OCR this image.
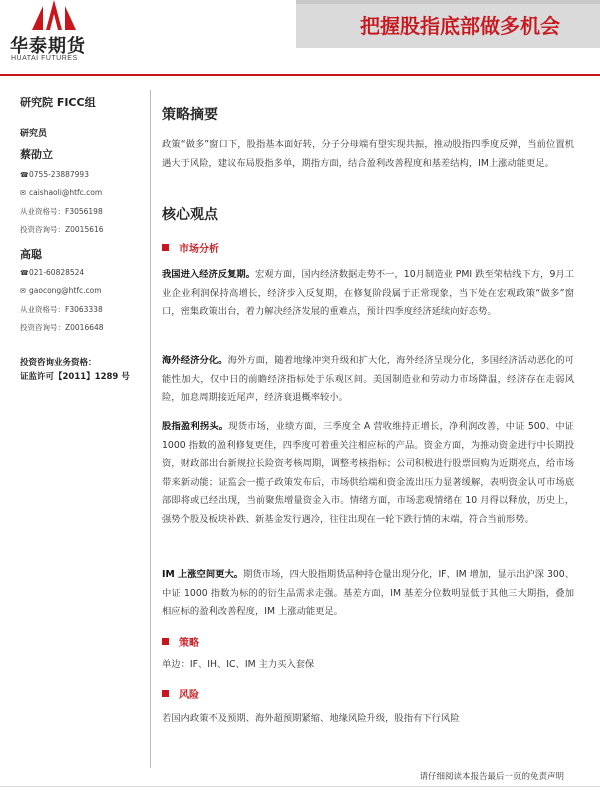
华泰期货
HUATAI FUTURES
把握股指底部做多机会
研究院 FICC组
研究员
蔡劭立
☎0755-23887993
✉ caishaoli@htfc.com
从业资格号：F3056198
投资咨询号：Z0015616
高聪
☎021-60828524
✉ gaocong@htfc.com
从业资格号：F3063338
投资咨询号：Z0016648
投资咨询业务资格：
证监许可【2011】1289 号
策略摘要
政策“做多”窗口下，股指基本面好转，分子分母端有望实现共振，推动股指四季度反弹，当前位置机遇大于风险，建议布局股指多单，期指方面，结合盈利改善程度和基差结构，IM上涨动能更足。
核心观点
市场分析
我国进入经济反复期。宏观方面，国内经济数据走势不一，10月制造业 PMI 跌至荣枯线下方，9月工业企业利润保持高增长，经济步入反复期，在修复阶段属于正常现象，当下处在宏观政策“做多”窗口，密集政策出台，着力解决经济发展的重难点，预计四季度经济延续向好态势。
海外经济分化。海外方面，随着地缘冲突升级和扩大化，海外经济呈现分化，多国经济活动恶化的可能性加大，仅中日的前瞻经济指标处于乐观区间。美国制造业和劳动力市场降温，经济存在走弱风险，加息周期接近尾声，经济衰退概率较小。
股指盈利拐头。现货市场，业绩方面，三季度全 A 营收维持正增长，净利润改善，中证 500、中证 1000 指数的盈利修复更佳，四季度可着重关注相应标的产品。资金方面，为推动资金进行中长期投资，财政部出台新规拉长险资考核周期，调整考核指标；公司积极进行股票回购为近期亮点，给市场带来新动能；证监会一揽子政策发布后，市场供给端和资金流出压力显著缓解，表明资金认可市场底部即将或已经出现，当前聚焦增量资金入市。情绪方面，市场悲观情绪在 10 月得以释放，历史上，强势个股及板块补跌、新基金发行遇冷，往往出现在一轮下跌行情的末端，符合当前形势。
IM 上涨空间更大。期货市场，四大股指期货品种持仓量出现分化，IF、IM 增加，显示出沪深 300、中证 1000 指数为标的的衍生品需求走强。基差方面，IM 基差分位数明显低于其他三大期指，叠加相应标的盈利改善程度，IM 上涨动能更足。
策略
单边：IF、IH、IC、IM 主力买入套保
风险
若国内政策不及预期、海外超预期紧缩、地缘风险升级，股指有下行风险
请仔细阅读本报告最后一页的免责声明
